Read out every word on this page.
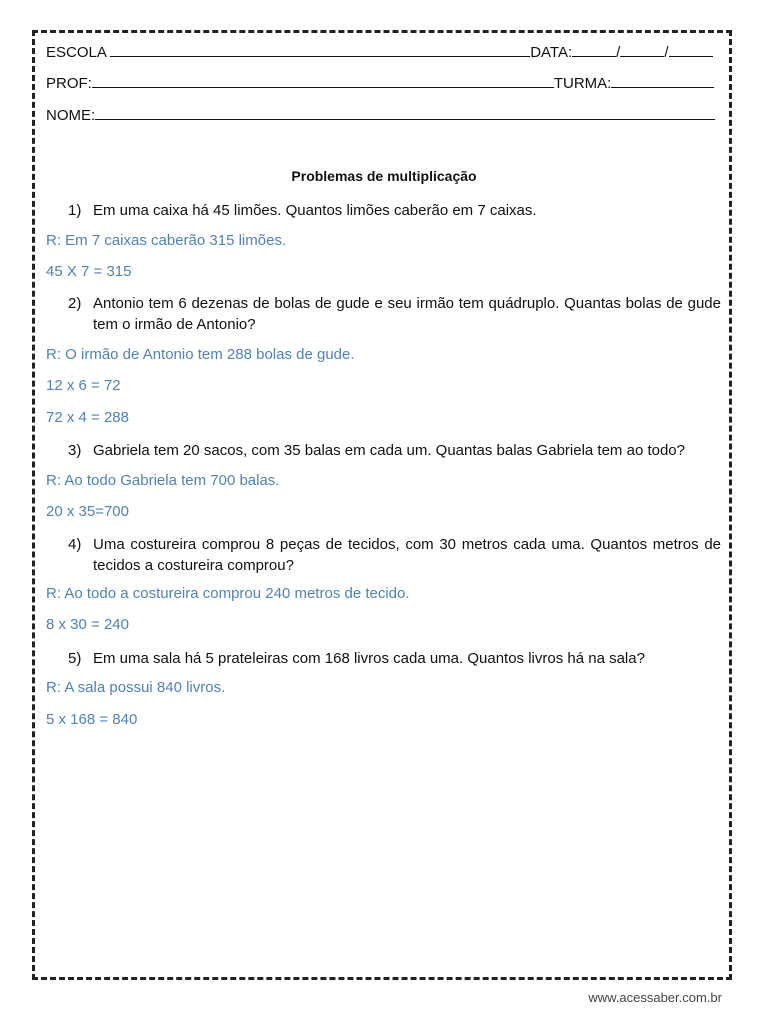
ESCOLA	DATA:	/	/
PROF:	TURMA:
NOME:
Problemas de multiplicação
1) Em uma caixa há 45 limões. Quantos limões caberão em 7 caixas.
R: Em 7 caixas caberão 315 limões.
45 X 7 = 315
2) Antonio tem 6 dezenas de bolas de gude e seu irmão tem quádruplo. Quantas bolas de gude tem o irmão de Antonio?
R: O irmão de Antonio tem 288 bolas de gude.
12 x 6 = 72
72 x 4 = 288
3) Gabriela tem 20 sacos, com 35 balas em cada um. Quantas balas Gabriela tem ao todo?
R: Ao todo Gabriela tem 700 balas.
20 x 35=700
4) Uma costureira comprou 8 peças de tecidos, com 30 metros cada uma. Quantos metros de tecidos a costureira comprou?
R: Ao todo a costureira comprou 240 metros de tecido.
8 x 30 = 240
5) Em uma sala há 5 prateleiras com 168 livros cada uma. Quantos livros há na sala?
R: A sala possui 840 livros.
5 x 168 = 840
www.acessaber.com.br
